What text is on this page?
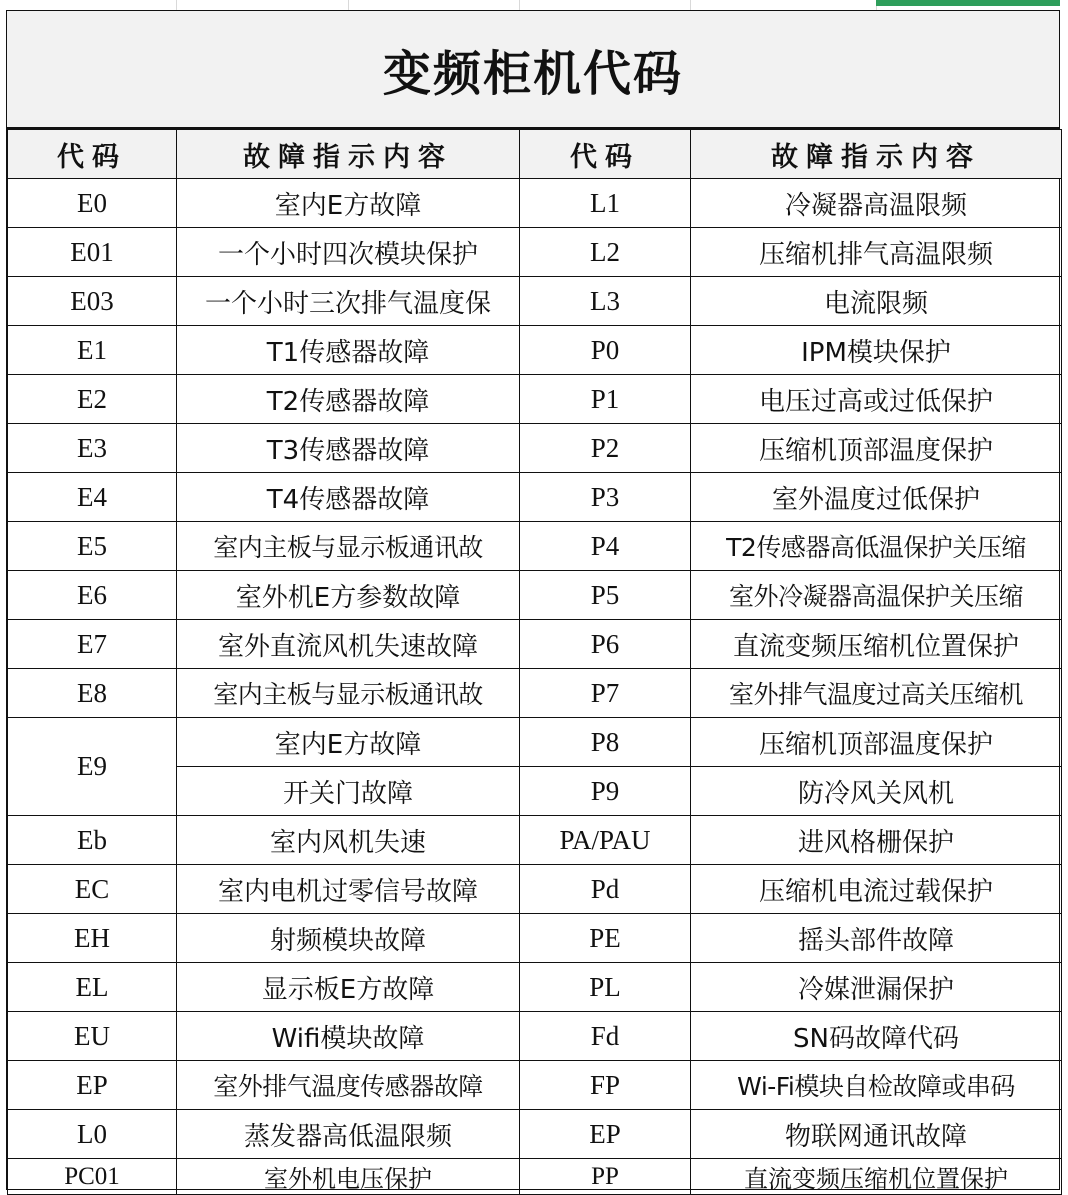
变频柜机代码
代码	故障指示内容	代码	故障指示内容
E0	室内E方故障	L1	冷凝器高温限频
E01	一个小时四次模块保护	L2	压缩机排气高温限频
E03	一个小时三次排气温度保	L3	电流限频
E1	T1传感器故障	P0	IPM模块保护
E2	T2传感器故障	P1	电压过高或过低保护
E3	T3传感器故障	P2	压缩机顶部温度保护
E4	T4传感器故障	P3	室外温度过低保护
E5	室内主板与显示板通讯故	P4	T2传感器高低温保护关压缩
E6	室外机E方参数故障	P5	室外冷凝器高温保护关压缩
E7	室外直流风机失速故障	P6	直流变频压缩机位置保护
E8	室内主板与显示板通讯故	P7	室外排气温度过高关压缩机
E9	室内E方故障	P8	压缩机顶部温度保护
	开关门故障	P9	防冷风关风机
Eb	室内风机失速	PA/PAU	进风格栅保护
EC	室内电机过零信号故障	Pd	压缩机电流过载保护
EH	射频模块故障	PE	摇头部件故障
EL	显示板E方故障	PL	冷媒泄漏保护
EU	Wifi模块故障	Fd	SN码故障代码
EP	室外排气温度传感器故障	FP	Wi-Fi模块自检故障或串码
L0	蒸发器高低温限频	EP	物联网通讯故障
PC01	室外机电压保护	PP	直流变频压缩机位置保护
